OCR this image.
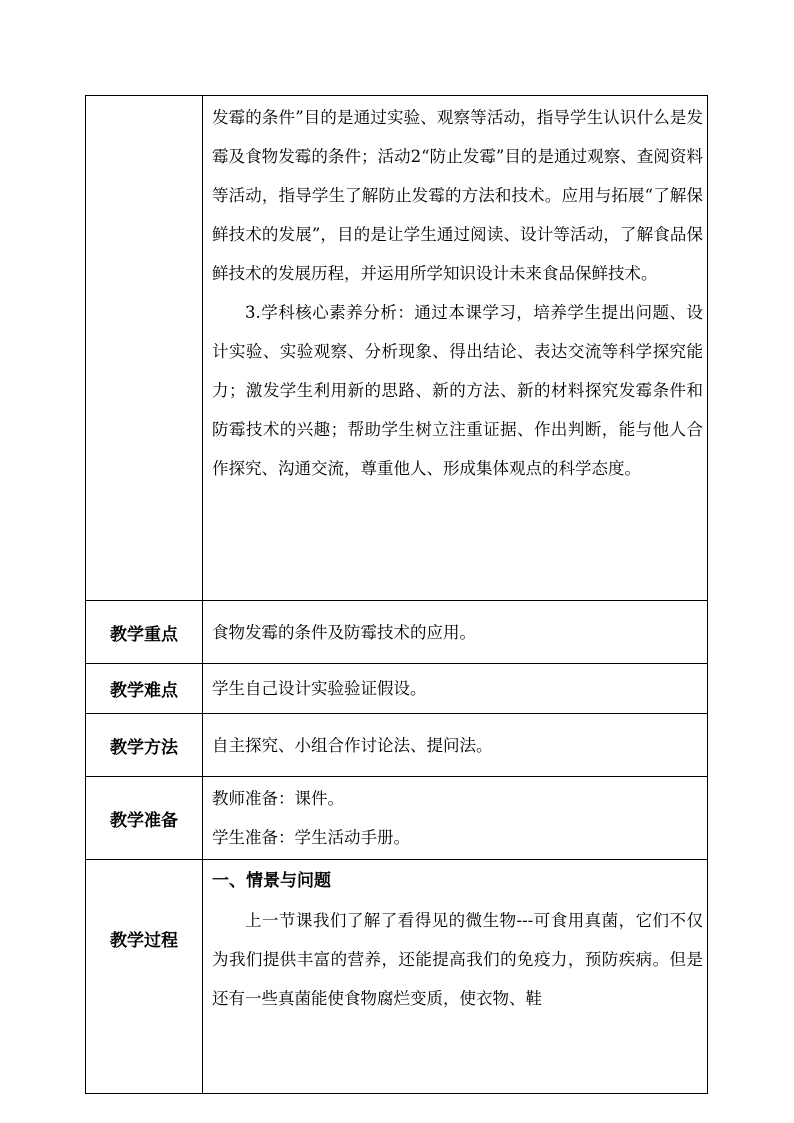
	发霉的条件”目的是通过实验、观察等活动，指导学生认识什么是发霉及食物发霉的条件；活动2“防止发霉”目的是通过观察、查阅资料等活动，指导学生了解防止发霉的方法和技术。应用与拓展“了解保鲜技术的发展”，目的是让学生通过阅读、设计等活动，了解食品保鲜技术的发展历程，并运用所学知识设计未来食品保鲜技术。

3.学科核心素养分析：通过本课学习，培养学生提出问题、设计实验、实验观察、分析现象、得出结论、表达交流等科学探究能力；激发学生利用新的思路、新的方法、新的材料探究发霉条件和防霉技术的兴趣；帮助学生树立注重证据、作出判断，能与他人合作探究、沟通交流，尊重他人、形成集体观点的科学态度。

教学重点	食物发霉的条件及防霉技术的应用。
教学难点	学生自己设计实验验证假设。
教学方法	自主探究、小组合作讨论法、提问法。
教学准备	教师准备：课件。

学生准备：学生活动手册。

教学过程	一、情景与问题

上一节课我们了解了看得见的微生物---可食用真菌，它们不仅为我们提供丰富的营养，还能提高我们的免疫力，预防疾病。但是还有一些真菌能使食物腐烂变质，使衣物、鞋
